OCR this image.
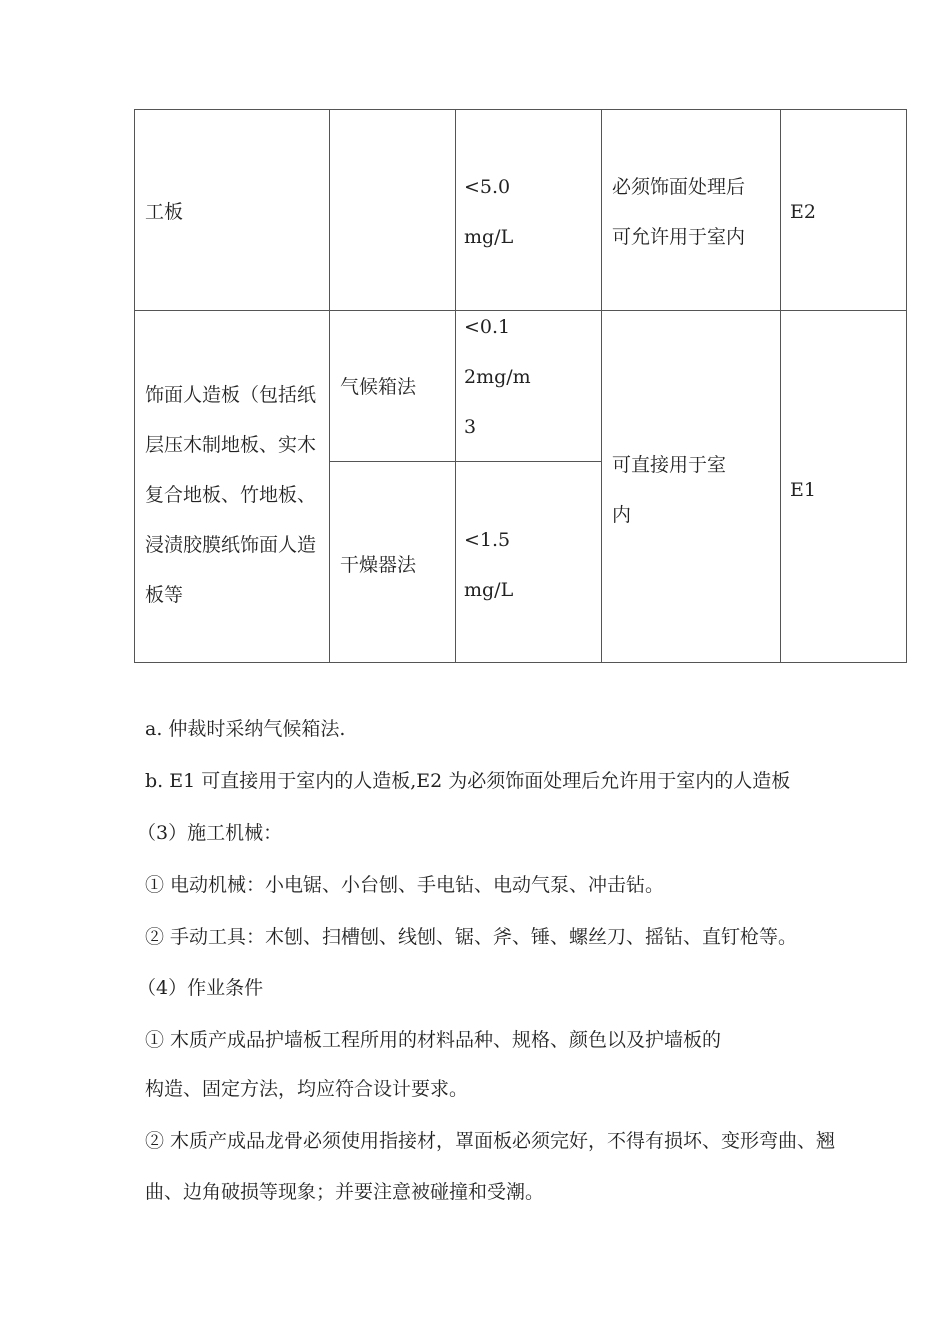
工板
<5.0
mg/L
必须饰面处理后
可允许用于室内
E2
饰面人造板（包括纸
层压木制地板、实木
复合地板、竹地板、
浸渍胶膜纸饰面人造
板等
气候箱法
<0.1
2mg/m
3
干燥器法
<1.5
mg/L
可直接用于室
内
E1
a. 仲裁时采纳气候箱法.
b. E1 可直接用于室内的人造板,E2 为必须饰面处理后允许用于室内的人造板
（3）施工机械：
① 电动机械：小电锯、小台刨、手电钻、电动气泵、冲击钻。
② 手动工具：木刨、扫槽刨、线刨、锯、斧、锤、螺丝刀、摇钻、直钉枪等。
（4）作业条件
① 木质产成品护墙板工程所用的材料品种、规格、颜色以及护墙板的
构造、固定方法，均应符合设计要求。
② 木质产成品龙骨必须使用指接材，罩面板必须完好，不得有损坏、变形弯曲、翘
曲、边角破损等现象；并要注意被碰撞和受潮。
